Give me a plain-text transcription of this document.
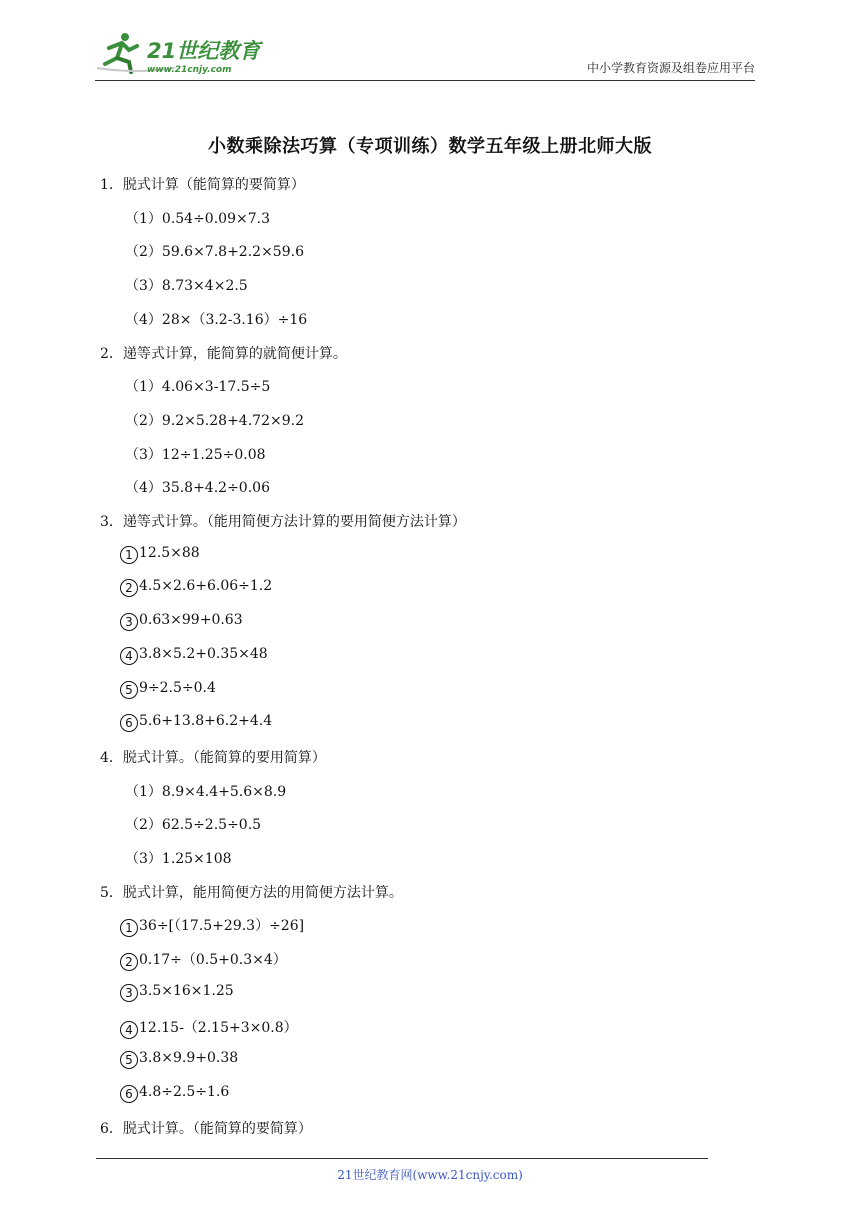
21世纪教育
www.21cnjy.com	中小学教育资源及组卷应用平台
小数乘除法巧算（专项训练）数学五年级上册北师大版
1．脱式计算（能简算的要简算）
（1）0.54÷0.09×7.3
（2）59.6×7.8+2.2×59.6
（3）8.73×4×2.5
（4）28×（3.2-3.16）÷16
2．递等式计算，能简算的就简便计算。
（1）4.06×3-17.5÷5
（2）9.2×5.28+4.72×9.2
（3）12÷1.25÷0.08
（4）35.8+4.2÷0.06
3．递等式计算。（能用简便方法计算的要用简便方法计算）
1 12.5×88
2 4.5×2.6+6.06÷1.2
3 0.63×99+0.63
4 3.8×5.2+0.35×48
5 9÷2.5÷0.4
6 5.6+13.8+6.2+4.4
4．脱式计算。（能简算的要用简算）
（1）8.9×4.4+5.6×8.9
（2）62.5÷2.5÷0.5
（3）1.25×108
5．脱式计算，能用简便方法的用简便方法计算。
1 36÷[（17.5+29.3）÷26]
2 0.17÷（0.5+0.3×4）
3 3.5×16×1.25
4 12.15-（2.15+3×0.8）
5 3.8×9.9+0.38
6 4.8÷2.5÷1.6
6．脱式计算。（能简算的要简算）
21世纪教育网(www.21cnjy.com)
